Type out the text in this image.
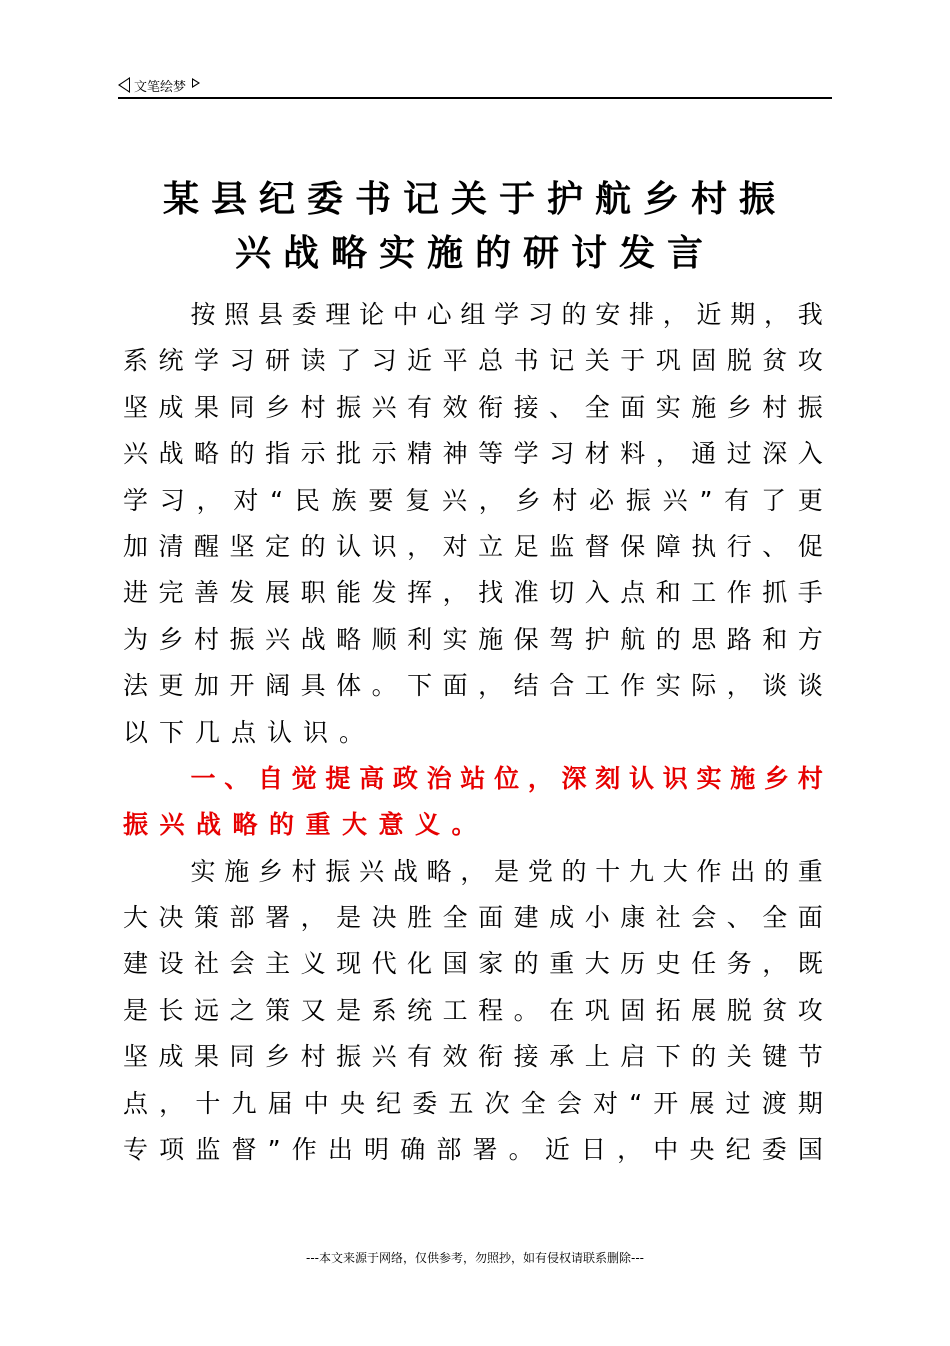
文笔绘梦
某县纪委书记关于护航乡村振
兴战略实施的研讨发言

按 照 县 委 理 论 中 心 组 学 习 的 安 排 ， 近 期 ， 我
系 统 学 习 研 读 了 习 近 平 总 书 记 关 于 巩 固 脱 贫 攻
坚 成 果 同 乡 村 振 兴 有 效 衔 接 、 全 面 实 施 乡 村 振
兴 战 略 的 指 示 批 示 精 神 等 学 习 材 料 ， 通 过 深 入
学 习 ， 对 “ 民 族 要 复 兴 ， 乡 村 必 振 兴 ” 有 了 更
加 清 醒 坚 定 的 认 识 ， 对 立 足 监 督 保 障 执 行 、 促
进 完 善 发 展 职 能 发 挥 ， 找 准 切 入 点 和 工 作 抓 手
为 乡 村 振 兴 战 略 顺 利 实 施 保 驾 护 航 的 思 路 和 方
法 更 加 开 阔 具 体 。 下 面 ， 结 合 工 作 实 际 ， 谈 谈
以下几点认识。

一 、 自 觉 提 高 政 治 站 位 ， 深 刻 认 识 实 施 乡 村
振兴战略的重大意义。

实 施 乡 村 振 兴 战 略 ， 是 党 的 十 九 大 作 出 的 重
大 决 策 部 署 ， 是 决 胜 全 面 建 成 小 康 社 会 、 全 面
建 设 社 会 主 义 现 代 化 国 家 的 重 大 历 史 任 务 ， 既
是 长 远 之 策 又 是 系 统 工 程 。 在 巩 固 拓 展 脱 贫 攻
坚 成 果 同 乡 村 振 兴 有 效 衔 接 承 上 启 下 的 关 键 节
点 ， 十 九 届 中 央 纪 委 五 次 全 会 对 “ 开 展 过 渡 期
专 项 监 督 ” 作 出 明 确 部 署 。 近 日 ， 中 央 纪 委 国
---本文来源于网络，仅供参考，勿照抄，如有侵权请联系删除---
